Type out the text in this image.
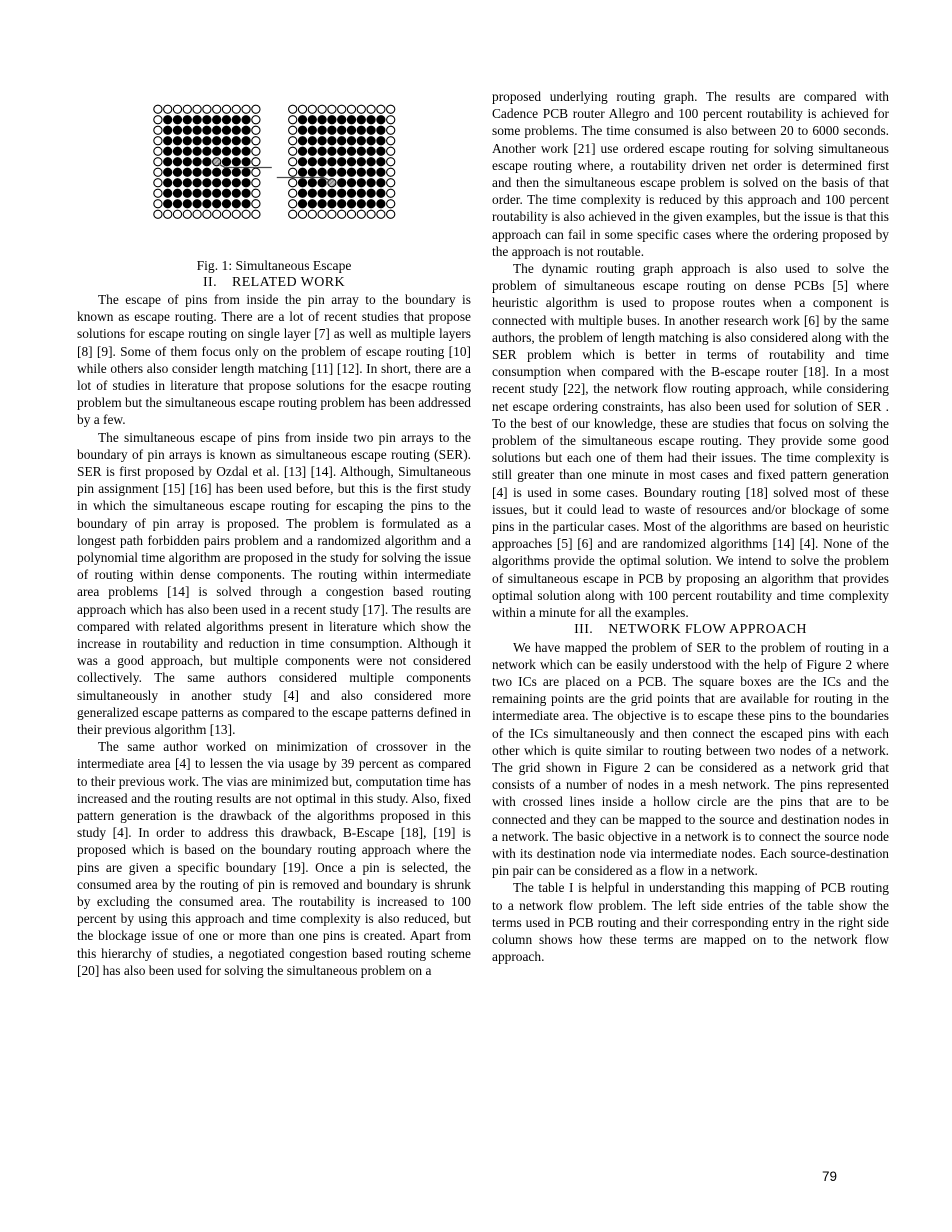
Fig. 1: Simultaneous Escape
II. RELATED WORK

The escape of pins from inside the pin array to the boundary is known as escape routing. There are a lot of recent studies that propose solutions for escape routing on single layer [7] as well as multiple layers [8] [9]. Some of them focus only on the problem of escape routing [10] while others also consider length matching [11] [12]. In short, there are a lot of studies in literature that propose solutions for the esacpe routing problem but the simultaneous escape routing problem has been addressed by a few.

The simultaneous escape of pins from inside two pin arrays to the boundary of pin arrays is known as simultaneous escape routing (SER). SER is first proposed by Ozdal et al. [13] [14]. Although, Simultaneous pin assignment [15] [16] has been used before, but this is the first study in which the simultaneous escape routing for escaping the pins to the boundary of pin array is proposed. The problem is formulated as a longest path forbidden pairs problem and a randomized algorithm and a polynomial time algorithm are proposed in the study for solving the issue of routing within dense components. The routing within intermediate area problems [14] is solved through a congestion based routing approach which has also been used in a recent study [17]. The results are compared with related algorithms present in literature which show the increase in routability and reduction in time consumption. Although it was a good approach, but multiple components were not considered collectively. The same authors considered multiple components simultaneously in another study [4] and also considered more generalized escape patterns as compared to the escape patterns defined in their previous algorithm [13].

The same author worked on minimization of crossover in the intermediate area [4] to lessen the via usage by 39 percent as compared to their previous work. The vias are minimized but, computation time has increased and the routing results are not optimal in this study. Also, fixed pattern generation is the drawback of the algorithms proposed in this study [4]. In order to address this drawback, B-Escape [18], [19] is proposed which is based on the boundary routing approach where the pins are given a specific boundary [19]. Once a pin is selected, the consumed area by the routing of pin is removed and boundary is shrunk by excluding the consumed area. The routability is increased to 100 percent by using this approach and time complexity is also reduced, but the blockage issue of one or more than one pins is created. Apart from this hierarchy of studies, a negotiated congestion based routing scheme [20] has also been used for solving the simultaneous problem on a

proposed underlying routing graph. The results are compared with Cadence PCB router Allegro and 100 percent routability is achieved for some problems. The time consumed is also between 20 to 6000 seconds. Another work [21] use ordered escape routing for solving simultaneous escape routing where, a routability driven net order is determined first and then the simultaneous escape problem is solved on the basis of that order. The time complexity is reduced by this approach and 100 percent routability is also achieved in the given examples, but the issue is that this approach can fail in some specific cases where the ordering proposed by the approach is not routable.

The dynamic routing graph approach is also used to solve the problem of simultaneous escape routing on dense PCBs [5] where heuristic algorithm is used to propose routes when a component is connected with multiple buses. In another research work [6] by the same authors, the problem of length matching is also considered along with the SER problem which is better in terms of routability and time consumption when compared with the B-escape router [18]. In a most recent study [22], the network flow routing approach, while considering net escape ordering constraints, has also been used for solution of SER . To the best of our knowledge, these are studies that focus on solving the problem of the simultaneous escape routing. They provide some good solutions but each one of them had their issues. The time complexity is still greater than one minute in most cases and fixed pattern generation [4] is used in some cases. Boundary routing [18] solved most of these issues, but it could lead to waste of resources and/or blockage of some pins in the particular cases. Most of the algorithms are based on heuristic approaches [5] [6] and are randomized algorithms [14] [4]. None of the algorithms provide the optimal solution. We intend to solve the problem of simultaneous escape in PCB by proposing an algorithm that provides optimal solution along with 100 percent routability and time complexity within a minute for all the examples.

III. NETWORK FLOW APPROACH

We have mapped the problem of SER to the problem of routing in a network which can be easily understood with the help of Figure 2 where two ICs are placed on a PCB. The square boxes are the ICs and the remaining points are the grid points that are available for routing in the intermediate area. The objective is to escape these pins to the boundaries of the ICs simultaneously and then connect the escaped pins with each other which is quite similar to routing between two nodes of a network. The grid shown in Figure 2 can be considered as a network grid that consists of a number of nodes in a mesh network. The pins represented with crossed lines inside a hollow circle are the pins that are to be connected and they can be mapped to the source and destination nodes in a network. The basic objective in a network is to connect the source node with its destination node via intermediate nodes. Each source-destination pin pair can be considered as a flow in a network.

The table I is helpful in understanding this mapping of PCB routing to a network flow problem. The left side entries of the table show the terms used in PCB routing and their corresponding entry in the right side column shows how these terms are mapped on to the network flow approach.

79
